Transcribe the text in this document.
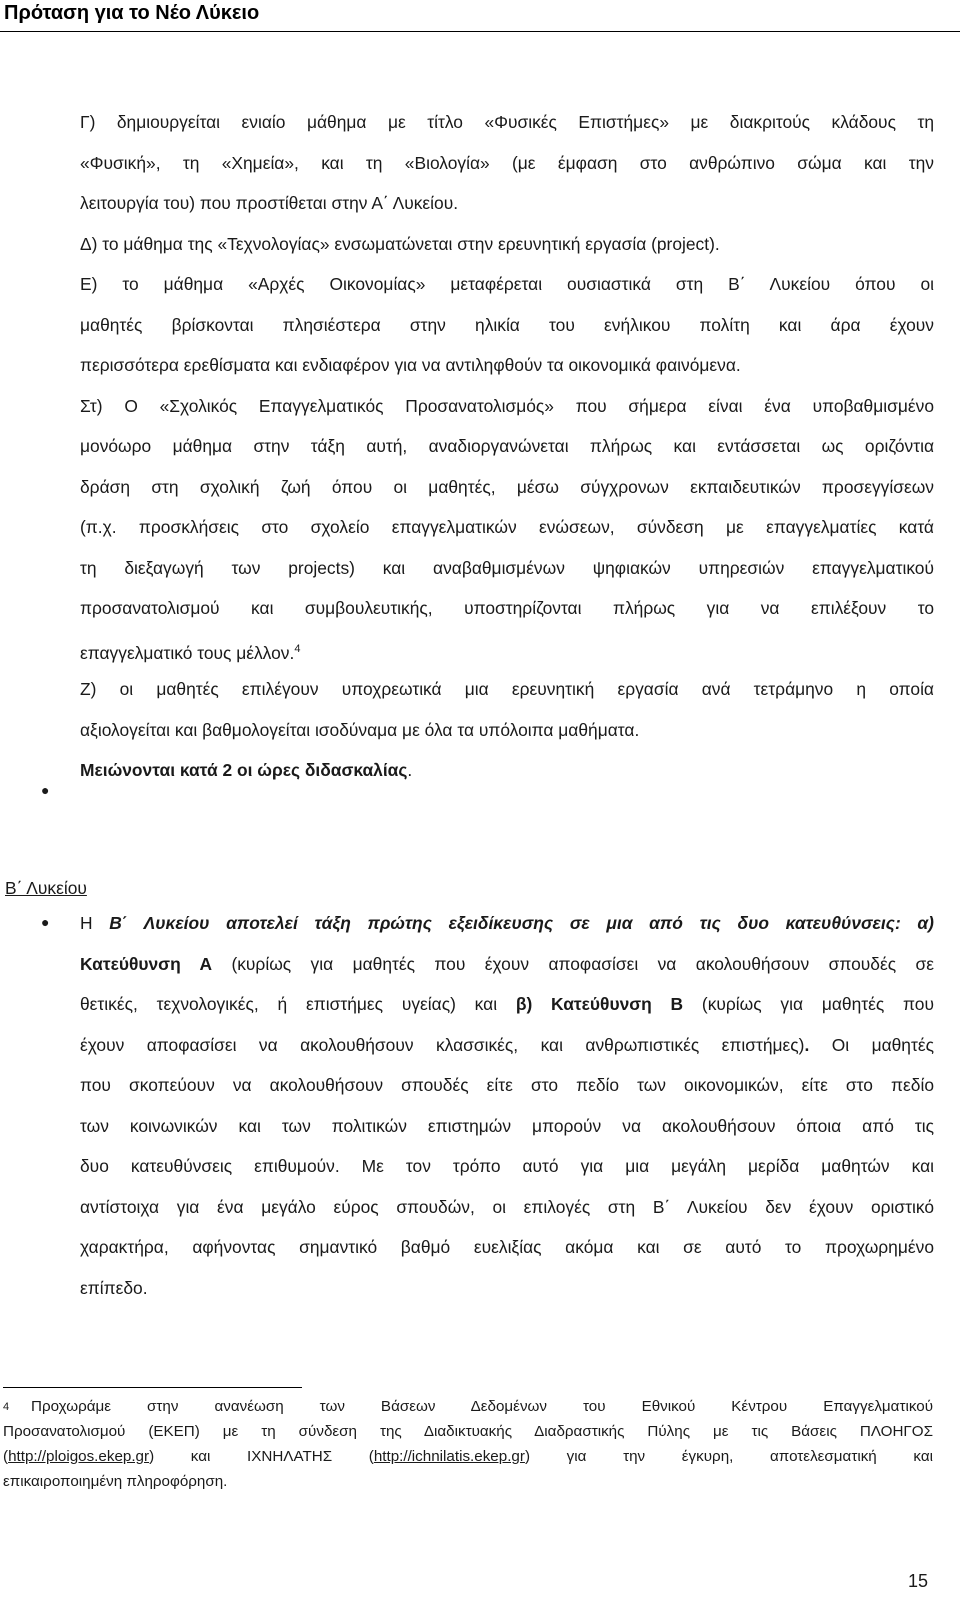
Πρόταση για το Νέο Λύκειο
Γ) δημιουργείται ενιαίο μάθημα με τίτλο «Φυσικές Επιστήμες» με διακριτούς κλάδους τη
«Φυσική», τη «Χημεία», και τη «Βιολογία» (με έμφαση στο ανθρώπινο σώμα και την
λειτουργία του) που προστίθεται στην Α΄ Λυκείου.
Δ) το μάθημα της «Τεχνολογίας» ενσωματώνεται στην ερευνητική εργασία (project).
Ε) το μάθημα «Αρχές Οικονομίας» μεταφέρεται ουσιαστικά στη Β΄ Λυκείου όπου οι
μαθητές βρίσκονται πλησιέστερα στην ηλικία του ενήλικου πολίτη και άρα έχουν
περισσότερα ερεθίσματα και ενδιαφέρον για να αντιληφθούν τα οικονομικά φαινόμενα.
Στ) Ο «Σχολικός Επαγγελματικός Προσανατολισμός» που σήμερα είναι ένα υποβαθμισμένο
μονόωρο μάθημα στην τάξη αυτή, αναδιοργανώνεται πλήρως και εντάσσεται ως οριζόντια
δράση στη σχολική ζωή όπου οι μαθητές, μέσω σύγχρονων εκπαιδευτικών προσεγγίσεων
(π.χ. προσκλήσεις στο σχολείο επαγγελματικών ενώσεων, σύνδεση με επαγγελματίες κατά
τη διεξαγωγή των projects) και αναβαθμισμένων ψηφιακών υπηρεσιών επαγγελματικού
προσανατολισμού και συμβουλευτικής, υποστηρίζονται πλήρως για να επιλέξουν το
επαγγελματικό τους μέλλον.$^4$
Ζ) οι μαθητές επιλέγουν υποχρεωτικά μια ερευνητική εργασία ανά τετράμηνο η οποία
αξιολογείται και βαθμολογείται ισοδύναμα με όλα τα υπόλοιπα μαθήματα.
Μειώνονται κατά 2 οι ώρες διδασκαλίας.
●
Β΄ Λυκείου
● Η Β΄ Λυκείου αποτελεί τάξη πρώτης εξειδίκευσης σε μια από τις δυο κατευθύνσεις: α)
Κατεύθυνση Α (κυρίως για μαθητές που έχουν αποφασίσει να ακολουθήσουν σπουδές σε
θετικές, τεχνολογικές, ή επιστήμες υγείας) και β) Κατεύθυνση Β (κυρίως για μαθητές που
έχουν αποφασίσει να ακολουθήσουν κλασσικές, και ανθρωπιστικές επιστήμες). Οι μαθητές
που σκοπεύουν να ακολουθήσουν σπουδές είτε στο πεδίο των οικονομικών, είτε στο πεδίο
των κοινωνικών και των πολιτικών επιστημών μπορούν να ακολουθήσουν όποια από τις
δυο κατευθύνσεις επιθυμούν. Με τον τρόπο αυτό για μια μεγάλη μερίδα μαθητών και
αντίστοιχα για ένα μεγάλο εύρος σπουδών, οι επιλογές στη Β΄ Λυκείου δεν έχουν οριστικό
χαρακτήρα, αφήνοντας σημαντικό βαθμό ευελιξίας ακόμα και σε αυτό το προχωρημένο
επίπεδο.
4	Προχωράμε στην ανανέωση των Βάσεων Δεδομένων του Εθνικού Κέντρου Επαγγελματικού
Προσανατολισμού (ΕΚΕΠ) με τη σύνδεση της Διαδικτυακής Διαδραστικής Πύλης με τις Βάσεις ΠΛΟΗΓΟΣ
(http://ploigos.ekep.gr) και ΙΧΝΗΛΑΤΗΣ (http://ichnilatis.ekep.gr) για την έγκυρη, αποτελεσματική και
επικαιροποιημένη πληροφόρηση.
15
